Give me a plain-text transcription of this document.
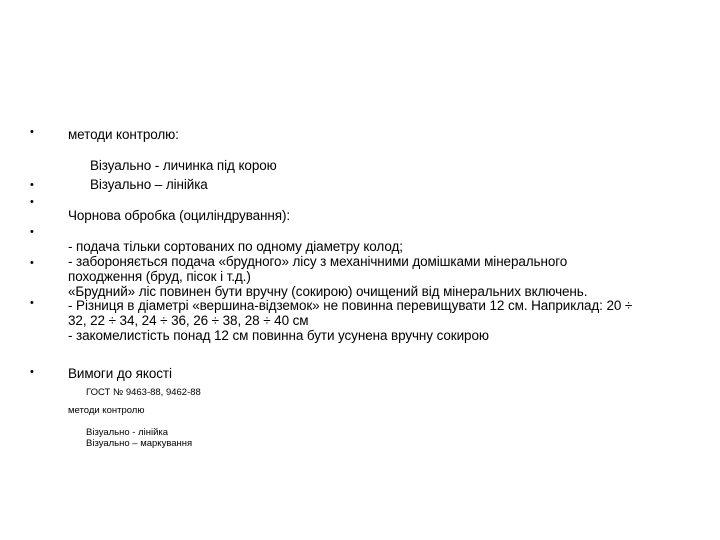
•
•
•
•
•
•
•
методи контролю:
Візуально - личинка під корою
Візуально – лінійка
Чорнова обробка (оциліндрування):
- подача тільки сортованих по одному діаметру колод;
- забороняється подача «брудного» лісу з механічними домішками мінерального
походження (бруд, пісок і т.д.)
«Брудний» ліс повинен бути вручну (сокирою) очищений від мінеральних включень.
- Різниця в діаметрі «вершина-відземок» не повинна перевищувати 12 см. Наприклад: 20 ÷
32, 22 ÷ 34, 24 ÷ 36, 26 ÷ 38, 28 ÷ 40 см
- закомелистість понад 12 см повинна бути усунена вручну сокирою
Вимоги до якості
ГОСТ № 9463-88, 9462-88
методи контролю
Візуально - лінійка
Візуально – маркування
